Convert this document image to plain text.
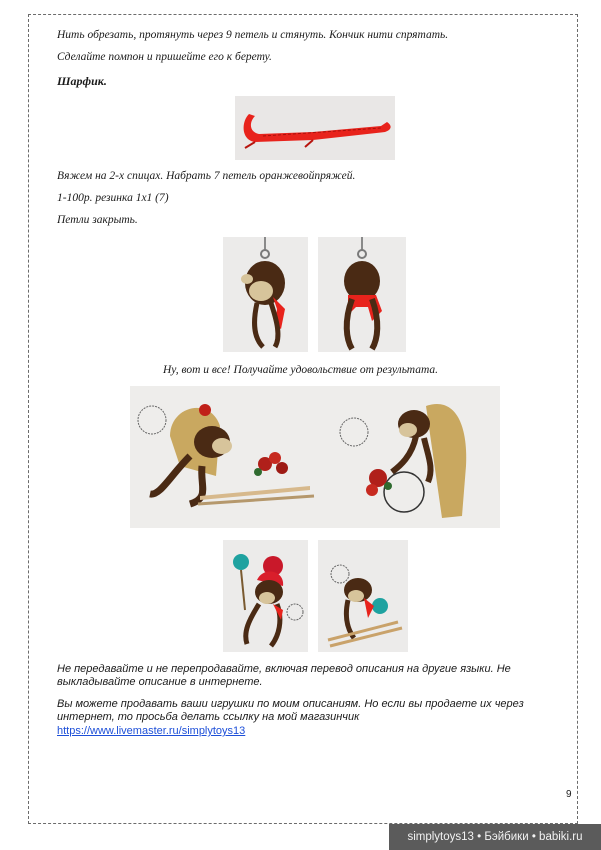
Нить обрезать, протянуть через 9 петель и стянуть. Кончик нити спрятать.

Сделайте помпон и пришейте его к берету.

Шарфик.

Вяжем на 2-х спицах. Набрать 7 петель оранжевойпряжей.

1-100р. резинка 1х1 (7)

Петли закрыть.

Ну, вот и все! Получайте удовольствие от результата.

Не передавайте и не перепродавайте, включая перевод описания на другие языки. Не
выкладывайте описание в интернете.
Вы можете продавать ваши игрушки по моим описаниям. Но если вы продаете их через
интернет, то просьба делать ссылку на мой магазинчик
https://www.livemaster.ru/simplytoys13
9
simplytoys13 • Бэйбики • babiki.ru
